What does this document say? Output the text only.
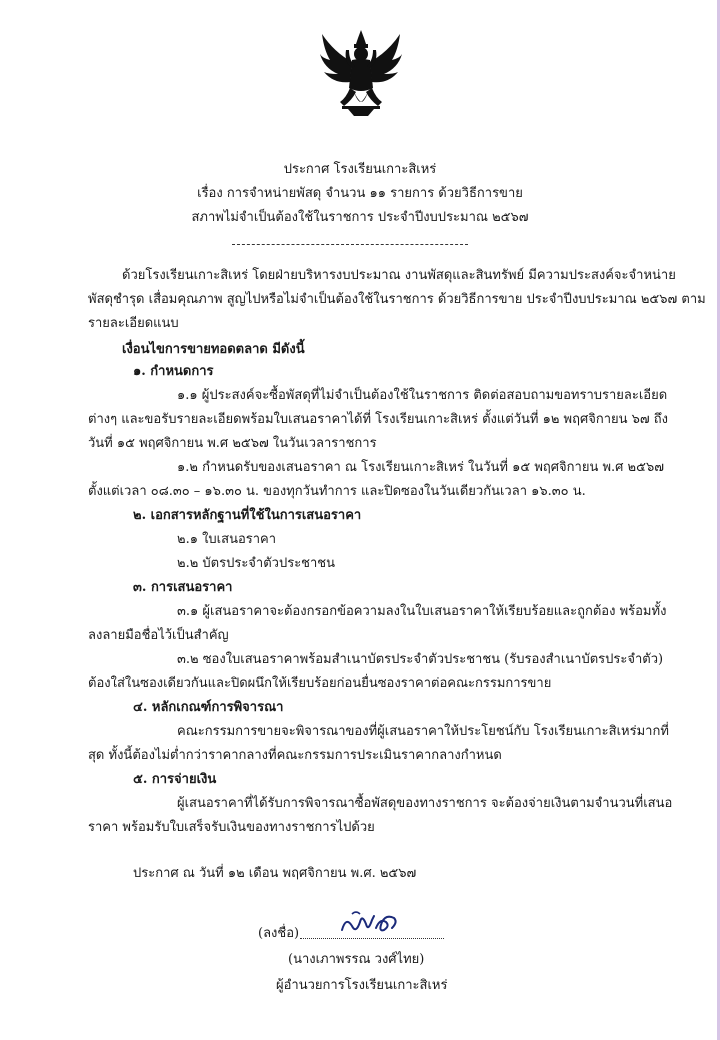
ประกาศ โรงเรียนเกาะสิเหร่
เรื่อง การจำหน่ายพัสดุ จำนวน ๑๑ รายการ ด้วยวิธีการขาย
สภาพไม่จำเป็นต้องใช้ในราชการ ประจำปีงบประมาณ ๒๕๖๗
ด้วยโรงเรียนเกาะสิเหร่ โดยฝ่ายบริหารงบประมาณ งานพัสดุและสินทรัพย์ มีความประสงค์จะจำหน่าย
พัสดุชำรุด เสื่อมคุณภาพ สูญไปหรือไม่จำเป็นต้องใช้ในราชการ ด้วยวิธีการขาย ประจำปีงบประมาณ ๒๕๖๗ ตาม
รายละเอียดแนบ
เงื่อนไขการขายทอดตลาด มีดังนี้
๑. กำหนดการ
๑.๑ ผู้ประสงค์จะซื้อพัสดุที่ไม่จำเป็นต้องใช้ในราชการ ติดต่อสอบถามขอทราบรายละเอียด
ต่างๆ และขอรับรายละเอียดพร้อมใบเสนอราคาได้ที่ โรงเรียนเกาะสิเหร่ ตั้งแต่วันที่ ๑๒ พฤศจิกายน ๖๗ ถึง
วันที่ ๑๕ พฤศจิกายน พ.ศ ๒๕๖๗ ในวันเวลาราชการ
๑.๒ กำหนดรับของเสนอราคา ณ โรงเรียนเกาะสิเหร่ ในวันที่ ๑๕ พฤศจิกายน พ.ศ ๒๕๖๗
ตั้งแต่เวลา ๐๘.๓๐ – ๑๖.๓๐ น. ของทุกวันทำการ และปิดซองในวันเดียวกันเวลา ๑๖.๓๐ น.
๒. เอกสารหลักฐานที่ใช้ในการเสนอราคา
๒.๑ ใบเสนอราคา
๒.๒ บัตรประจำตัวประชาชน
๓. การเสนอราคา
๓.๑ ผู้เสนอราคาจะต้องกรอกข้อความลงในใบเสนอราคาให้เรียบร้อยและถูกต้อง พร้อมทั้ง
ลงลายมือชื่อไว้เป็นสำคัญ
๓.๒ ซองใบเสนอราคาพร้อมสำเนาบัตรประจำตัวประชาชน (รับรองสำเนาบัตรประจำตัว)
ต้องใส่ในซองเดียวกันและปิดผนึกให้เรียบร้อยก่อนยื่นซองราคาต่อคณะกรรมการขาย
๔. หลักเกณฑ์การพิจารณา
คณะกรรมการขายจะพิจารณาของที่ผู้เสนอราคาให้ประโยชน์กับ โรงเรียนเกาะสิเหร่มากที่
สุด ทั้งนี้ต้องไม่ต่ำกว่าราคากลางที่คณะกรรมการประเมินราคากลางกำหนด
๕. การจ่ายเงิน
ผู้เสนอราคาที่ได้รับการพิจารณาซื้อพัสดุของทางราชการ จะต้องจ่ายเงินตามจำนวนที่เสนอ
ราคา พร้อมรับใบเสร็จรับเงินของทางราชการไปด้วย
ประกาศ ณ วันที่ ๑๒ เดือน พฤศจิกายน พ.ศ. ๒๕๖๗
(ลงชื่อ)
(นางเภาพรรณ วงศ์ไทย)
ผู้อำนวยการโรงเรียนเกาะสิเหร่
